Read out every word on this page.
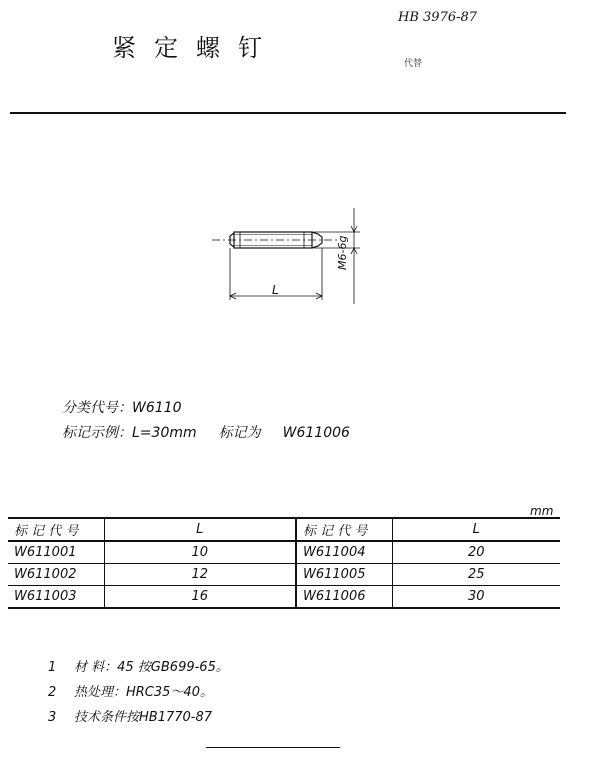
紧定螺钉
HB 3976-87
代替
L
M6-6g
分类代号：W6110
标记示例：L=30mm 标记为 W611006
mm
标 记 代 号	L	标 记 代 号	L
W611001	10	W611004	20
W611002	12	W611005	25
W611003	16	W611006	30
1 材 料：45 按GB699-65。
2 热处理：HRC35～40。
3 技术条件按HB1770-87
